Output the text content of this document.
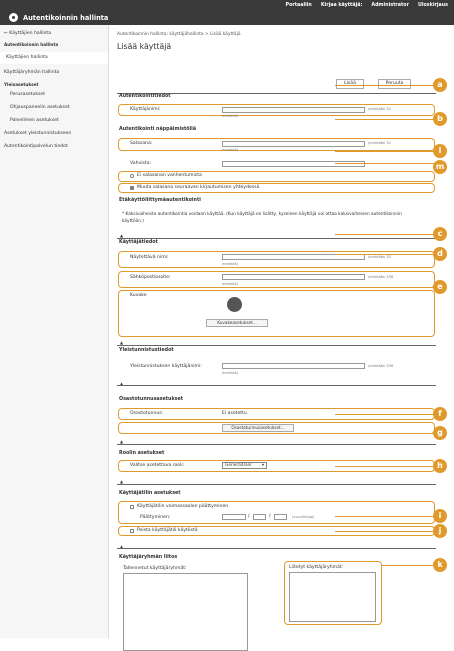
Portaaliin Kirjaa käyttäjä: Administrator Uloskirjaus
Autentikoinnin hallinta
← Käyttäjien hallinta
Autentikoinnin hallinta
Käyttäjien hallinta
Käyttäjäryhmän hallinta
Yleisasetukset
Perusasetukset
Ohjauspaneelin asetukset
Palvelimen asetukset
Asetukset yleistunnistukseen
Autentikointipalvelun tiedot
Autentikoinnin hallinta: käyttäjähallinta > Lisää käyttäjä
Lisää käyttäjä
Lisää	Peruuta
Autentikointitiedot
Käyttäjänimi:	(enintään 32
merkkiä)
Autentikointi näppäimistöllä
Salasana:	(enintään 32
merkkiä)
Vahvista:
Ei salasanan vanhentumista
Muuta salasana seuraavan kirjautumisen yhteydessä
Etäkäyttöliittymäautentikointi
* Kaksivaiheista autentikointia voidaan käyttää. (Kun käyttäjä on lisätty, kyseinen käyttäjä voi ottaa kaksivaiheisen autentikoinnin käyttöön.)
▲
Käyttäjätiedot
Näytettävä nimi:	(enintään 32
merkkiä)
Sähköpostiosoite:	(enintään 256
merkkiä)
Kuvake
Kuvakeasetukset...
▲
Yleistunnistustiedot
Yleistunnistuksen käyttäjänimi:	(enintään 256
merkkiä)
▲
Osastotunnusasetukset
Osastotunnus:	Ei asetettu
Osastotunnusasetukset...
▲
Roolin asetukset
Valitse asetettava rooli:	GeneralUser ▾
▲
Käyttäjätilin asetukset
Käyttäjätilin voimassaolon päättyminen
Päättyminen:	/	/	(vvvv/kk/pp)
Poista käyttäjätili käytöstä
▲
Käyttäjäryhmän liitos
Tallennetut käyttäjäryhmät:	Liitetyt käyttäjäryhmät:
a
b
l
m
c
d
e
f
g
h
i
j
k
